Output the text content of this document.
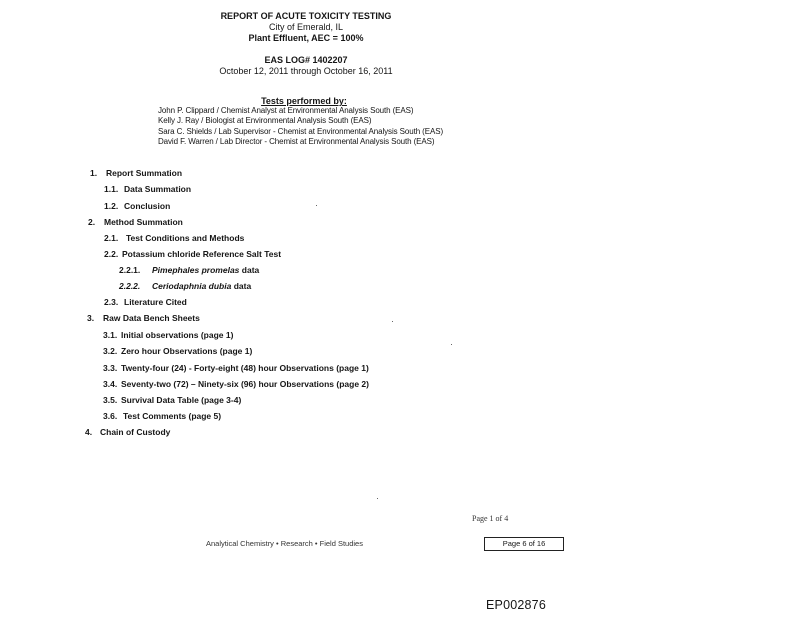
REPORT OF ACUTE TOXICITY TESTING
City of Emerald, IL
Plant Effluent, AEC = 100%
EAS LOG# 1402207
October 12, 2011 through October 16, 2011
Tests performed by:
John P. Clippard / Chemist Analyst at Environmental Analysis South (EAS)
Kelly J. Ray / Biologist at Environmental Analysis South (EAS)
Sara C. Shields / Lab Supervisor - Chemist at Environmental Analysis South (EAS)
David F. Warren / Lab Director - Chemist at Environmental Analysis South (EAS)
1. Report Summation
1.1. Data Summation
1.2. Conclusion
2. Method Summation
2.1. Test Conditions and Methods
2.2. Potassium chloride Reference Salt Test
2.2.1. Pimephales promelas data
2.2.2. Ceriodaphnia dubia data
2.3. Literature Cited
3. Raw Data Bench Sheets
3.1. Initial observations (page 1)
3.2. Zero hour Observations (page 1)
3.3. Twenty-four (24) - Forty-eight (48) hour Observations (page 1)
3.4. Seventy-two (72) – Ninety-six (96) hour Observations (page 2)
3.5. Survival Data Table (page 3-4)
3.6. Test Comments (page 5)
4. Chain of Custody
Page 1 of 4
Analytical Chemistry • Research • Field Studies	Page 6 of 16
EP002876
